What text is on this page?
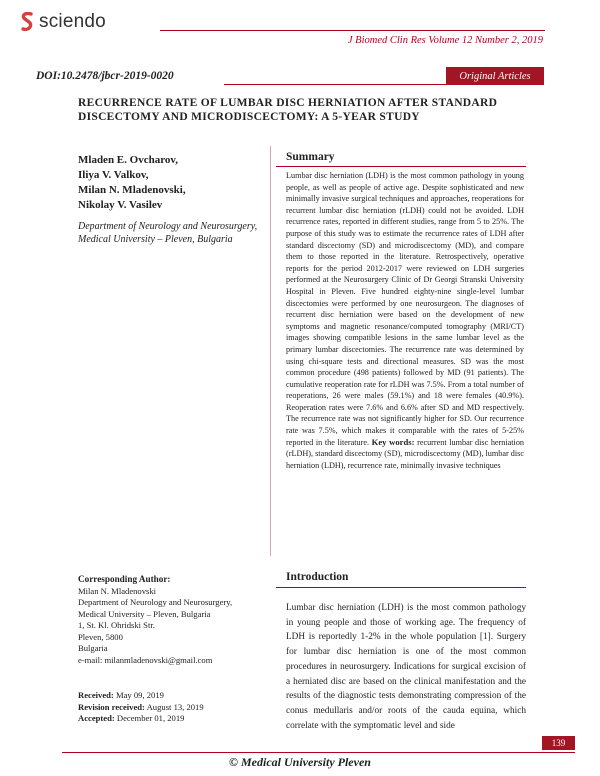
sciendo
J Biomed Clin Res Volume 12 Number 2, 2019
DOI:10.2478/jbcr-2019-0020	Original Articles
RECURRENCE RATE OF LUMBAR DISC HERNIATION AFTER STANDARD DISCECTOMY AND MICRODISCECTOMY: A 5-YEAR STUDY
Mladen E. Ovcharov,
Iliya V. Valkov,
Milan N. Mladenovski,
Nikolay V. Vasilev
Department of Neurology and Neurosurgery, Medical University – Pleven, Bulgaria
Summary
Lumbar disc herniation (LDH) is the most common pathology in young people, as well as people of active age. Despite sophisticated and new minimally invasive surgical techniques and approaches, reoperations for recurrent lumbar disc herniation (rLDH) could not be avoided. LDH recurrence rates, reported in different studies, range from 5 to 25%. The purpose of this study was to estimate the recurrence rates of LDH after standard discectomy (SD) and microdiscectomy (MD), and compare them to those reported in the literature. Retrospectively, operative reports for the period 2012-2017 were reviewed on LDH surgeries performed at the Neurosurgery Clinic of Dr Georgi Stranski University Hospital in Pleven. Five hundred eighty-nine single-level lumbar discectomies were performed by one neurosurgeon. The diagnoses of recurrent disc herniation were based on the development of new symptoms and magnetic resonance/computed tomography (MRI/CT) images showing compatible lesions in the same lumbar level as the primary lumbar discectomies. The recurrence rate was determined by using chi-square tests and directional measures. SD was the most common procedure (498 patients) followed by MD (91 patients). The cumulative reoperation rate for rLDH was 7.5%. From a total number of reoperations, 26 were males (59.1%) and 18 were females (40.9%). Reoperation rates were 7.6% and 6.6% after SD and MD respectively. The recurrence rate was not significantly higher for SD. Our recurrence rate was 7.5%, which makes it comparable with the rates of 5-25% reported in the literature. Key words: recurrent lumbar disc herniation (rLDH), standard discectomy (SD), microdiscectomy (MD), lumbar disc herniation (LDH), recurrence rate, minimally invasive techniques
Corresponding Author:
Milan N. Mladenovski
Department of Neurology and Neurosurgery,
Medical University – Pleven, Bulgaria
1, St. Kl. Ohridski Str.
Pleven, 5800
Bulgaria
e-mail: milanmladenovski@gmail.com
Received: May 09, 2019
Revision received: August 13, 2019
Accepted: December 01, 2019
Introduction
Lumbar disc herniation (LDH) is the most common pathology in young people and those of working age. The frequency of LDH is reportedly 1-2% in the whole population [1]. Surgery for lumbar disc herniation is one of the most common procedures in neurosurgery. Indications for surgical excision of a herniated disc are based on the clinical manifestation and the results of the diagnostic tests demonstrating compression of the conus medullaris and/or roots of the cauda equina, which correlate with the symptomatic level and side
139
© Medical University Pleven
